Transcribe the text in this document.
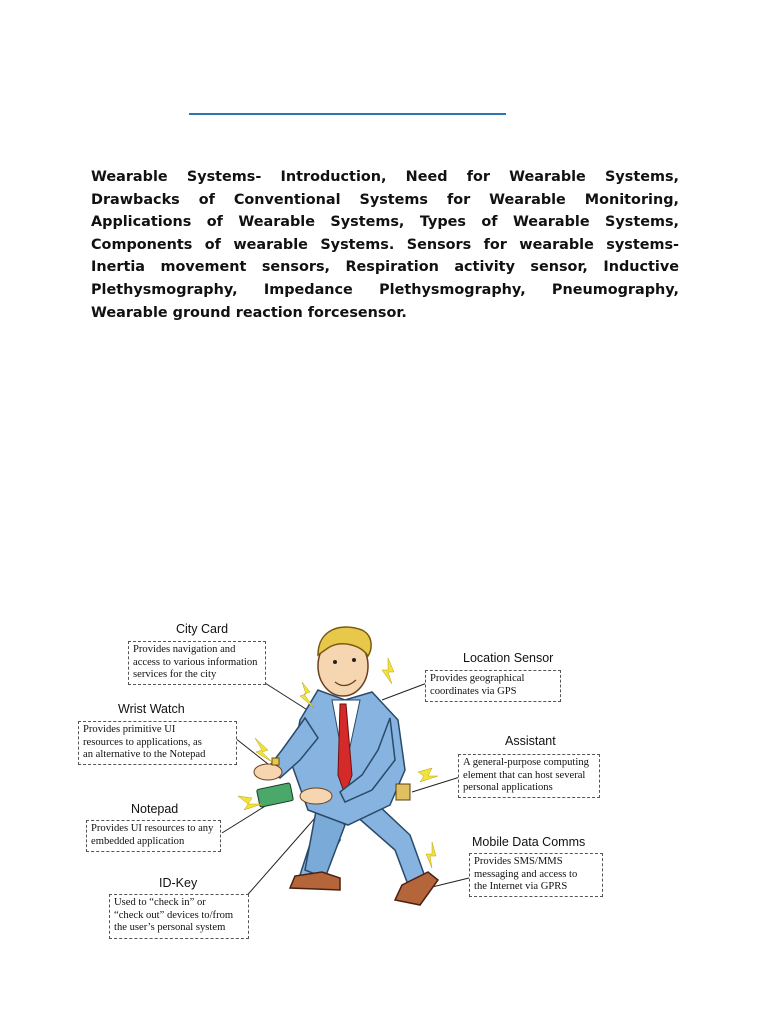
Wearable Systems- Introduction, Need for Wearable Systems, Drawbacks of Conventional Systems for Wearable Monitoring, Applications of Wearable Systems, Types of Wearable Systems, Components of wearable Systems. Sensors for wearable systems-Inertia movement sensors, Respiration activity sensor, Inductive Plethysmography, Impedance Plethysmography, Pneumography, Wearable ground reaction forcesensor.

City Card
Provides navigation and
access to various information
services for the city
Wrist Watch
Provides primitive UI
resources to applications, as
an alternative to the Notepad
Notepad
Provides UI resources to any
embedded application
ID-Key
Used to “check in” or
“check out” devices to/from
the user’s personal system
Location Sensor
Provides geographical
coordinates via GPS
Assistant
A general-purpose computing
element that can host several
personal applications
Mobile Data Comms
Provides SMS/MMS
messaging and access to
the Internet via GPRS
